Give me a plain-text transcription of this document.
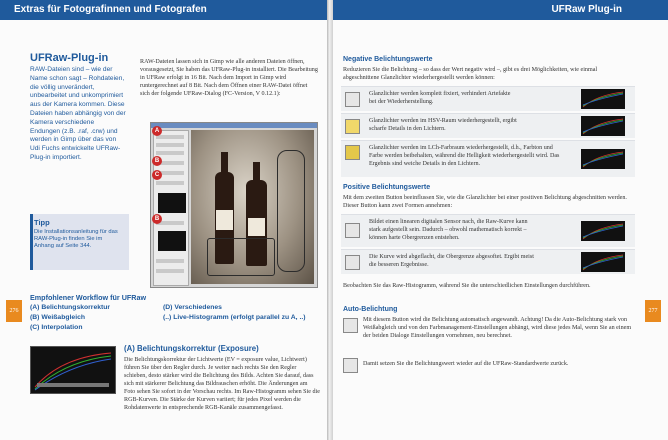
Extras für Fotografinnen und Fotografen
UFRaw-Plug-in
RAW-Dateien sind – wie der Name schon sagt – Rohdateien, die völlig unverändert, unbearbeitet und unkomprimiert aus der Kamera kommen. Diese Dateien haben abhängig von der Kamera verschiedene Endungen (z.B. .raf, .crw) und werden in Gimp über das von Udi Fuchs entwickelte UFRaw-Plug-in importiert.
Tipp
Die Installationsanleitung für das RAW-Plug-in finden Sie im Anhang auf Seite 344.
276
RAW-Dateien lassen sich in Gimp wie alle anderen Dateien öffnen, vorausgesetzt, Sie haben das UFRaw-Plug-in installiert. Die Bearbeitung in UFRaw erfolgt in 16 Bit. Nach dem Import in Gimp wird runtergerechnet auf 8 Bit. Nach dem Öffnen einer RAW-Datei öffnet sich der folgende UFRaw-Dialog (FC-Version, V 0.12.1):
A
B
C
B
Empfohlener Workflow für UFRaw
(A) Belichtungskorrektur
(B) Weißabgleich
(C) Interpolation
(D) Verschiedenes
(..) Live-Histogramm (erfolgt parallel zu A, ..)
(A) Belichtungskorrektur (Exposure)
Die Belichtungskorrektur der Lichtwerte (EV = exposure value, Lichtwert) führen Sie über den Regler durch. Je weiter nach rechts Sie den Regler schieben, desto stärker wird die Belichtung des Bilds. Achten Sie darauf, dass sich mit stärkerer Belichtung das Bildrauschen erhöht. Die Änderungen am Foto sehen Sie sofort in der Vorschau rechts. Im Raw-Histogramm sehen Sie die RGB-Kurven. Die Stärke der Kurven variiert; für jedes Pixel werden die Rohdatenwerte in entsprechende RGB-Kanäle zusammengefasst.
UFRaw Plug-in
277
Negative Belichtungswerte
Reduzieren Sie die Belichtung – so dass der Wert negativ wird –, gibt es drei Möglichkeiten, wie einmal abgeschnittene Glanzlichter wiederhergestellt werden können:
Glanzlichter werden komplett fixiert, verhindert Artefakte bei der Wiederherstellung.
Glanzlichter werden im HSV-Raum wiederhergestellt, ergibt scharfe Details in den Lichtern.
Glanzlichter werden im LCh-Farbraum wiederhergestellt, d.h., Farbton und Farbe werden beibehalten, während die Helligkeit wiederhergestellt wird. Das Ergebnis sind weiche Details in den Lichtern.
Positive Belichtungswerte
Mit dem zweiten Button beeinflussen Sie, wie die Glanzlichter bei einer positiven Belichtung abgeschnitten werden. Dieser Button kann zwei Formen annehmen:
Bildet einen linearen digitalen Sensor nach, die Raw-Kurve kann stark aufgestellt sein. Dadurch – obwohl mathematisch korrekt – können harte Obergrenzen entstehen.
Die Kurve wird abgeflacht, die Obergrenze abgesoftet. Ergibt meist die besseren Ergebnisse.
Beobachten Sie das Raw-Histogramm, während Sie die unterschiedlichen Einstellungen durchführen.
Auto-Belichtung
Mit diesem Button wird die Belichtung automatisch angewandt. Achtung! Da die Auto-Belichtung stark von Weißabgleich und von den Farbmanagement-Einstellungen abhängt, wird diese jedes Mal, wenn Sie an einem der beiden Dialoge Einstellungen vornehmen, neu berechnet.
Damit setzen Sie die Belichtungswert wieder auf die UFRaw-Standardwerte zurück.
